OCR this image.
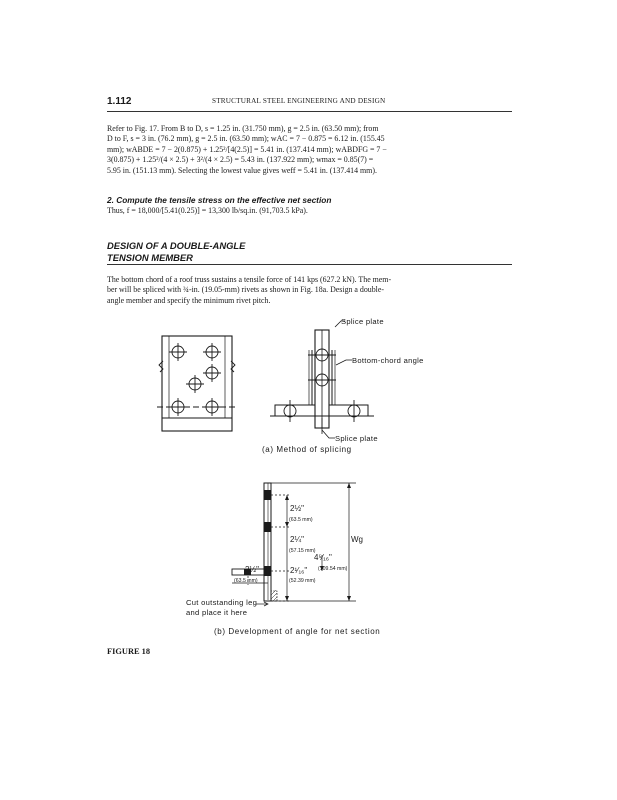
1.112	STRUCTURAL STEEL ENGINEERING AND DESIGN
Refer to Fig. 17. From B to D, s = 1.25 in. (31.750 mm), g = 2.5 in. (63.50 mm); from
D to F, s = 3 in. (76.2 mm), g = 2.5 in. (63.50 mm); wAC = 7 − 0.875 = 6.12 in. (155.45
mm); wABDE = 7 − 2(0.875) + 1.25²/[4(2.5)] = 5.41 in. (137.414 mm); wABDFG = 7 −
3(0.875) + 1.25²/(4 × 2.5) + 3²/(4 × 2.5) = 5.43 in. (137.922 mm); wmax = 0.85(7) =
5.95 in. (151.13 mm). Selecting the lowest value gives weff = 5.41 in. (137.414 mm).
2. Compute the tensile stress on the effective net section
Thus, f = 18,000/[5.41(0.25)] = 13,300 lb/sq.in. (91,703.5 kPa).
DESIGN OF A DOUBLE-ANGLE
TENSION MEMBER
The bottom chord of a roof truss sustains a tensile force of 141 kps (627.2 kN). The mem-
ber will be spliced with ¾-in. (19.05-mm) rivets as shown in Fig. 18a. Design a double-
angle member and specify the minimum rivet pitch.
Splice plate
Bottom-chord angle
Splice plate
(a) Method of splicing
2½"
(63.5 mm)
2¼"
(57.15 mm)
2¹⁄₁₆"
(52.39 mm)
2½"
(63.5 mm)
4⁵⁄₁₆"
(109.54 mm)
Wg
Cut outstanding leg
and place it here
(b) Development of angle for net section
FIGURE 18
